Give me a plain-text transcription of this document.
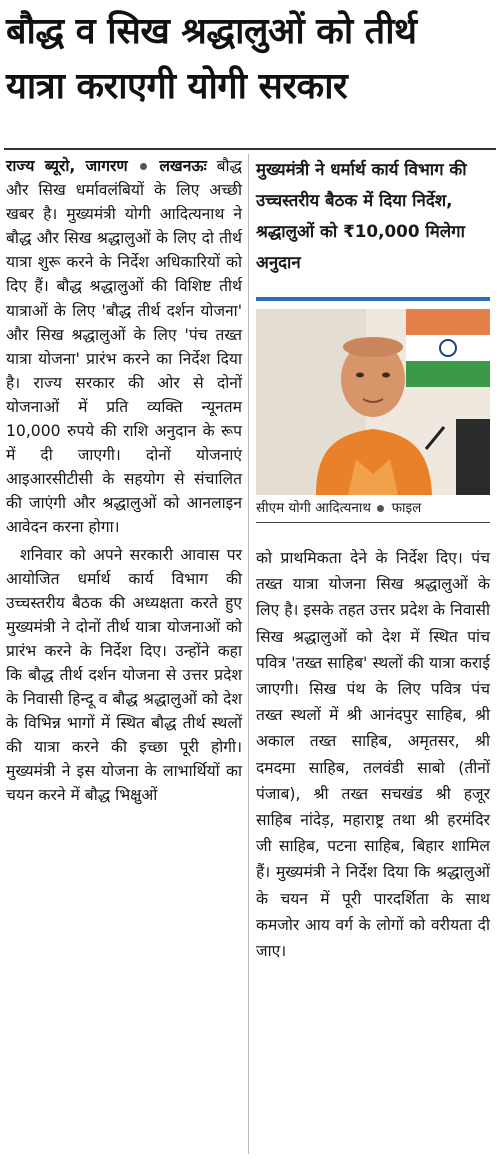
बौद्ध व सिख श्रद्धालुओं को तीर्थ
यात्रा कराएगी योगी सरकार
राज्य ब्यूरो, जागरण लखनऊः बौद्ध और सिख धर्मावलंबियों के लिए अच्छी खबर है। मुख्यमंत्री योगी आदित्यनाथ ने बौद्ध और सिख श्रद्धालुओं के लिए दो तीर्थ यात्रा शुरू करने के निर्देश अधिकारियों को दिए हैं। बौद्ध श्रद्धालुओं की विशिष्ट तीर्थ यात्राओं के लिए 'बौद्ध तीर्थ दर्शन योजना' और सिख श्रद्धालुओं के लिए 'पंच तख्त यात्रा योजना' प्रारंभ करने का निर्देश दिया है। राज्य सरकार की ओर से दोनों योजनाओं में प्रति व्यक्ति न्यूनतम 10,000 रुपये की राशि अनुदान के रूप में दी जाएगी। दोनों योजनाएं आइआरसीटीसी के सहयोग से संचालित की जाएंगी और श्रद्धालुओं को आनलाइन आवेदन करना होगा।
शनिवार को अपने सरकारी आवास पर आयोजित धर्मार्थ कार्य विभाग की उच्चस्तरीय बैठक की अध्यक्षता करते हुए मुख्यमंत्री ने दोनों तीर्थ यात्रा योजनाओं को प्रारंभ करने के निर्देश दिए। उन्होंने कहा कि बौद्ध तीर्थ दर्शन योजना से उत्तर प्रदेश के निवासी हिन्दू व बौद्ध श्रद्धालुओं को देश के विभिन्न भागों में स्थित बौद्ध तीर्थ स्थलों की यात्रा करने की इच्छा पूरी होगी। मुख्यमंत्री ने इस योजना के लाभार्थियों का चयन करने में बौद्ध भिक्षुओं
मुख्यमंत्री ने धर्मार्थ कार्य विभाग की उच्चस्तरीय बैठक में दिया निर्देश, श्रद्धालुओं को ₹10,000 मिलेगा अनुदान
सीएम योगी आदित्यनाथ फाइल
को प्राथमिकता देने के निर्देश दिए। पंच तख्त यात्रा योजना सिख श्रद्धालुओं के लिए है। इसके तहत उत्तर प्रदेश के निवासी सिख श्रद्धालुओं को देश में स्थित पांच पवित्र 'तख्त साहिब' स्थलों की यात्रा कराई जाएगी। सिख पंथ के लिए पवित्र पंच तख्त स्थलों में श्री आनंदपुर साहिब, श्री अकाल तख्त साहिब, अमृतसर, श्री दमदमा साहिब, तलवंडी साबो (तीनों पंजाब), श्री तख्त सचखंड श्री हजूर साहिब नांदेड़, महाराष्ट्र तथा श्री हरमंदिर जी साहिब, पटना साहिब, बिहार शामिल हैं। मुख्यमंत्री ने निर्देश दिया कि श्रद्धालुओं के चयन में पूरी पारदर्शिता के साथ कमजोर आय वर्ग के लोगों को वरीयता दी जाए।
